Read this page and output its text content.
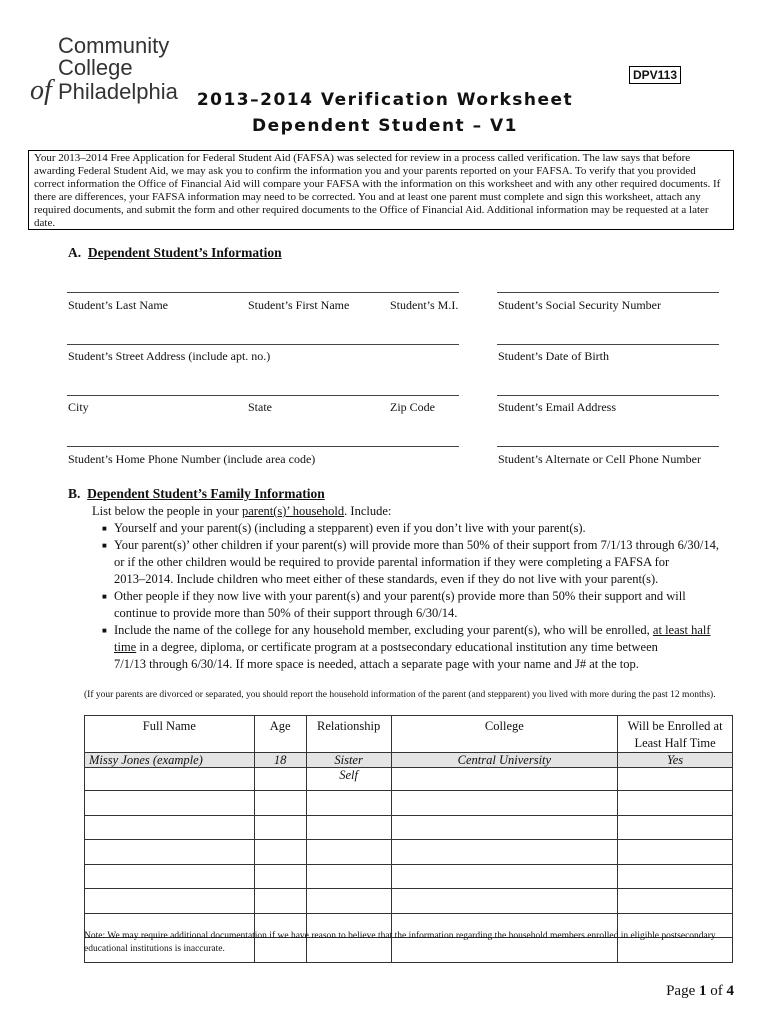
Community
College
of Philadelphia
DPV113
2013–2014 Verification Worksheet
Dependent Student – V1
Your 2013–2014 Free Application for Federal Student Aid (FAFSA) was selected for review in a process called verification. The law says that before awarding Federal Student Aid, we may ask you to confirm the information you and your parents reported on your FAFSA. To verify that you provided correct information the Office of Financial Aid will compare your FAFSA with the information on this worksheet and with any other required documents. If there are differences, your FAFSA information may need to be corrected. You and at least one parent must complete and sign this worksheet, attach any required documents, and submit the form and other required documents to the Office of Financial Aid. Additional information may be requested at a later date.
A. Dependent Student’s Information
Student’s Last Name	Student’s First Name	Student’s M.I.	Student’s Social Security Number
Student’s Street Address (include apt. no.)	Student’s Date of Birth
City	State	Zip Code	Student’s Email Address
Student’s Home Phone Number (include area code)	Student’s Alternate or Cell Phone Number
B. Dependent Student’s Family Information
List below the people in your parent(s)’ household. Include:
■ Yourself and your parent(s) (including a stepparent) even if you don’t live with your parent(s).
■ Your parent(s)’ other children if your parent(s) will provide more than 50% of their support from 7/1/13 through 6/30/14,
or if the other children would be required to provide parental information if they were completing a FAFSA for
2013–2014. Include children who meet either of these standards, even if they do not live with your parent(s).
■ Other people if they now live with your parent(s) and your parent(s) provide more than 50% their support and will
continue to provide more than 50% of their support through 6/30/14.
■ Include the name of the college for any household member, excluding your parent(s), who will be enrolled, at least half
time in a degree, diploma, or certificate program at a postsecondary educational institution any time between
7/1/13 through 6/30/14. If more space is needed, attach a separate page with your name and J# at the top.
(If your parents are divorced or separated, you should report the household information of the parent (and stepparent) you lived with more during the past 12 months).
Full Name	Age	Relationship	College	Will be Enrolled at Least Half Time
Missy Jones (example)	18	Sister	Central University	Yes
		Self		

Note: We may require additional documentation if we have reason to believe that the information regarding the household members enrolled in eligible postsecondary educational institutions is inaccurate.
Page 1 of 4
